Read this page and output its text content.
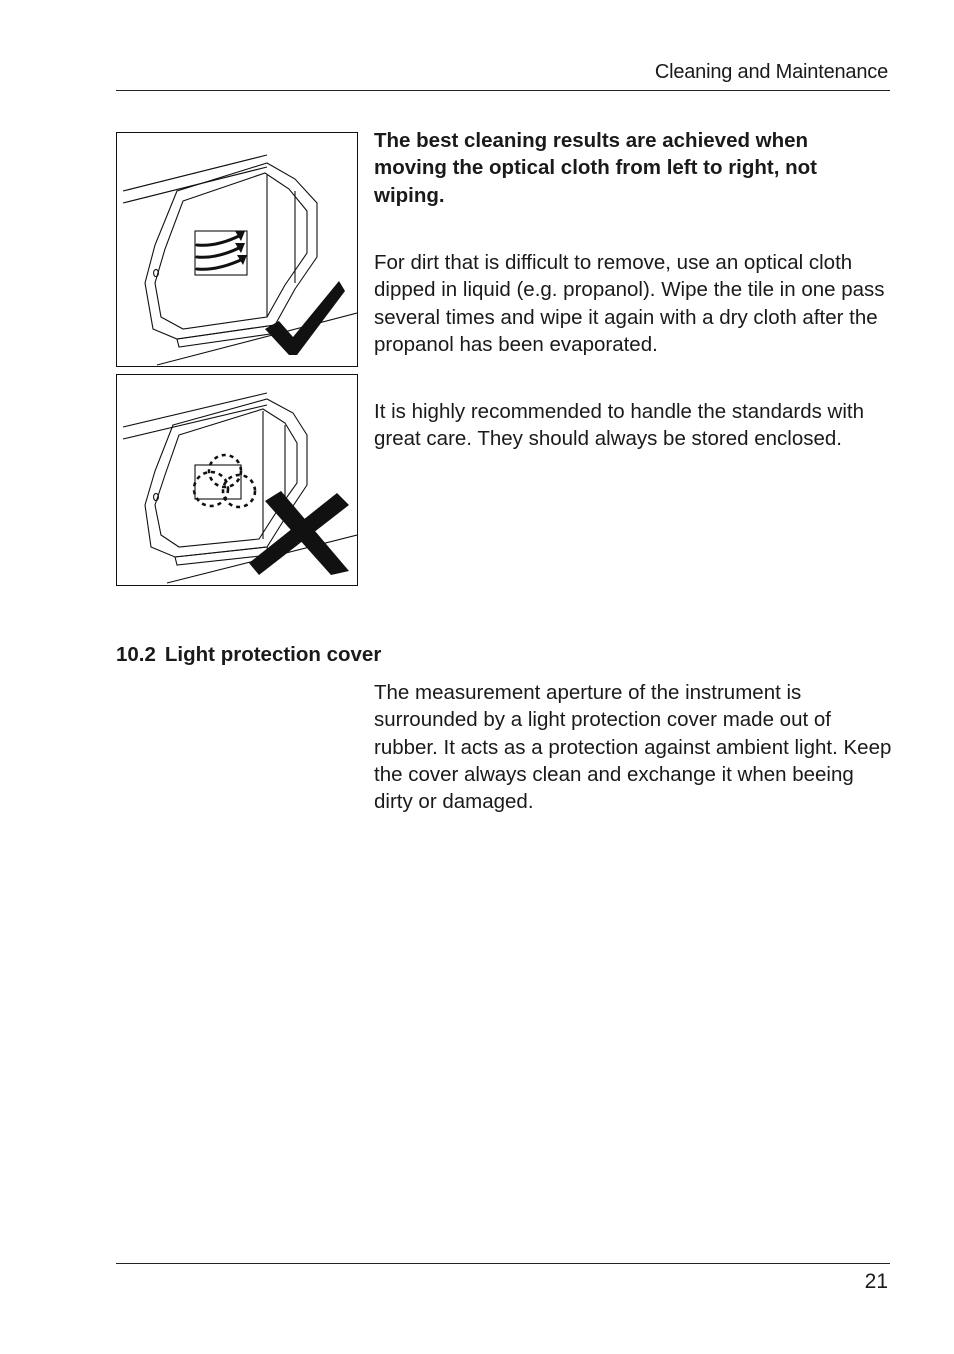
Cleaning and Maintenance
The best cleaning results are achieved when moving the optical cloth from left to right, not wiping.
For dirt that is difficult to remove, use an optical cloth dipped in liquid (e.g. propanol). Wipe the tile in one pass several times and wipe it again with a dry cloth after the propanol has been evaporated.
It is highly recommended to handle the standards with great care. They should always be stored enclosed.
10.2 Light protection cover
The measurement aperture of the instrument is surrounded by a light protection cover made out of rubber. It acts as a protection against ambient light. Keep the cover always clean and exchange it when beeing dirty or damaged.
21
